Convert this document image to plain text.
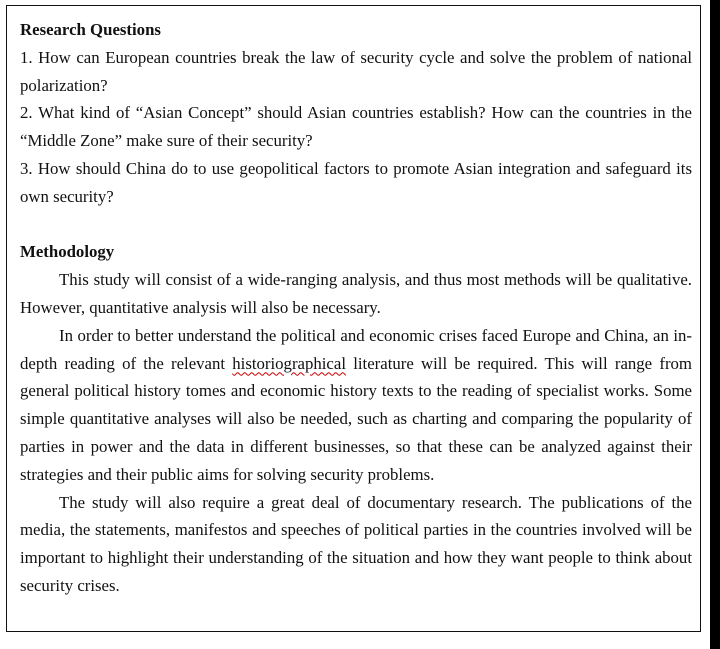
Research Questions
1. How can European countries break the law of security cycle and solve the problem of national polarization?
2. What kind of “Asian Concept” should Asian countries establish? How can the countries in the “Middle Zone” make sure of their security?
3. How should China do to use geopolitical factors to promote Asian integration and safeguard its own security?
Methodology
This study will consist of a wide-ranging analysis, and thus most methods will be qualitative. However, quantitative analysis will also be necessary.
In order to better understand the political and economic crises faced Europe and China, an in-depth reading of the relevant historiographical literature will be required. This will range from general political history tomes and economic history texts to the reading of specialist works. Some simple quantitative analyses will also be needed, such as charting and comparing the popularity of parties in power and the data in different businesses, so that these can be analyzed against their strategies and their public aims for solving security problems.
The study will also require a great deal of documentary research. The publications of the media, the statements, manifestos and speeches of political parties in the countries involved will be important to highlight their understanding of the situation and how they want people to think about security crises.
